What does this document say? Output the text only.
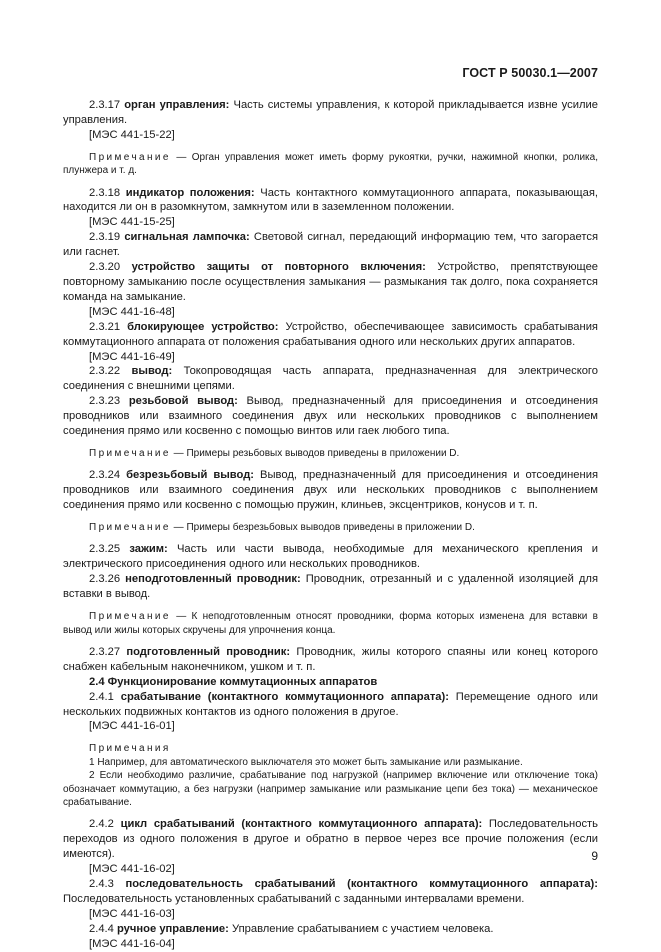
ГОСТ Р 50030.1—2007

2.3.17 орган управления: Часть системы управления, к которой прикладывается извне усилие управления.

[МЭС 441-15-22]

Примечание — Орган управления может иметь форму рукоятки, ручки, нажимной кнопки, ролика, плунжера и т. д.

2.3.18 индикатор положения: Часть контактного коммутационного аппарата, показывающая, находится ли он в разомкнутом, замкнутом или в заземленном положении.

[МЭС 441-15-25]

2.3.19 сигнальная лампочка: Световой сигнал, передающий информацию тем, что загорается или гаснет.

2.3.20 устройство защиты от повторного включения: Устройство, препятствующее повторному замыканию после осуществления замыкания — размыкания так долго, пока сохраняется команда на замыкание.

[МЭС 441-16-48]

2.3.21 блокирующее устройство: Устройство, обеспечивающее зависимость срабатывания коммутационного аппарата от положения срабатывания одного или нескольких других аппаратов.

[МЭС 441-16-49]

2.3.22 вывод: Токопроводящая часть аппарата, предназначенная для электрического соединения с внешними цепями.

2.3.23 резьбовой вывод: Вывод, предназначенный для присоединения и отсоединения проводников или взаимного соединения двух или нескольких проводников с выполнением соединения прямо или косвенно с помощью винтов или гаек любого типа.

Примечание — Примеры резьбовых выводов приведены в приложении D.

2.3.24 безрезьбовый вывод: Вывод, предназначенный для присоединения и отсоединения проводников или взаимного соединения двух или нескольких проводников с выполнением соединения прямо или косвенно с помощью пружин, клиньев, эксцентриков, конусов и т. п.

Примечание — Примеры безрезьбовых выводов приведены в приложении D.

2.3.25 зажим: Часть или части вывода, необходимые для механического крепления и электрического присоединения одного или нескольких проводников.

2.3.26 неподготовленный проводник: Проводник, отрезанный и с удаленной изоляцией для вставки в вывод.

Примечание — К неподготовленным относят проводники, форма которых изменена для вставки в вывод или жилы которых скручены для упрочнения конца.

2.3.27 подготовленный проводник: Проводник, жилы которого спаяны или конец которого снабжен кабельным наконечником, ушком и т. п.

2.4 Функционирование коммутационных аппаратов

2.4.1 срабатывание (контактного коммутационного аппарата): Перемещение одного или нескольких подвижных контактов из одного положения в другое.

[МЭС 441-16-01]

Примечания
1 Например, для автоматического выключателя это может быть замыкание или размыкание.
2 Если необходимо различие, срабатывание под нагрузкой (например включение или отключение тока) обозначает коммутацию, а без нагрузки (например замыкание или размыкание цепи без тока) — механическое срабатывание.

2.4.2 цикл срабатываний (контактного коммутационного аппарата): Последовательность переходов из одного положения в другое и обратно в первое через все прочие положения (если имеются).

[МЭС 441-16-02]

2.4.3 последовательность срабатываний (контактного коммутационного аппарата): Последовательность установленных срабатываний с заданными интервалами времени.

[МЭС 441-16-03]

2.4.4 ручное управление: Управление срабатыванием с участием человека.

[МЭС 441-16-04]

9
